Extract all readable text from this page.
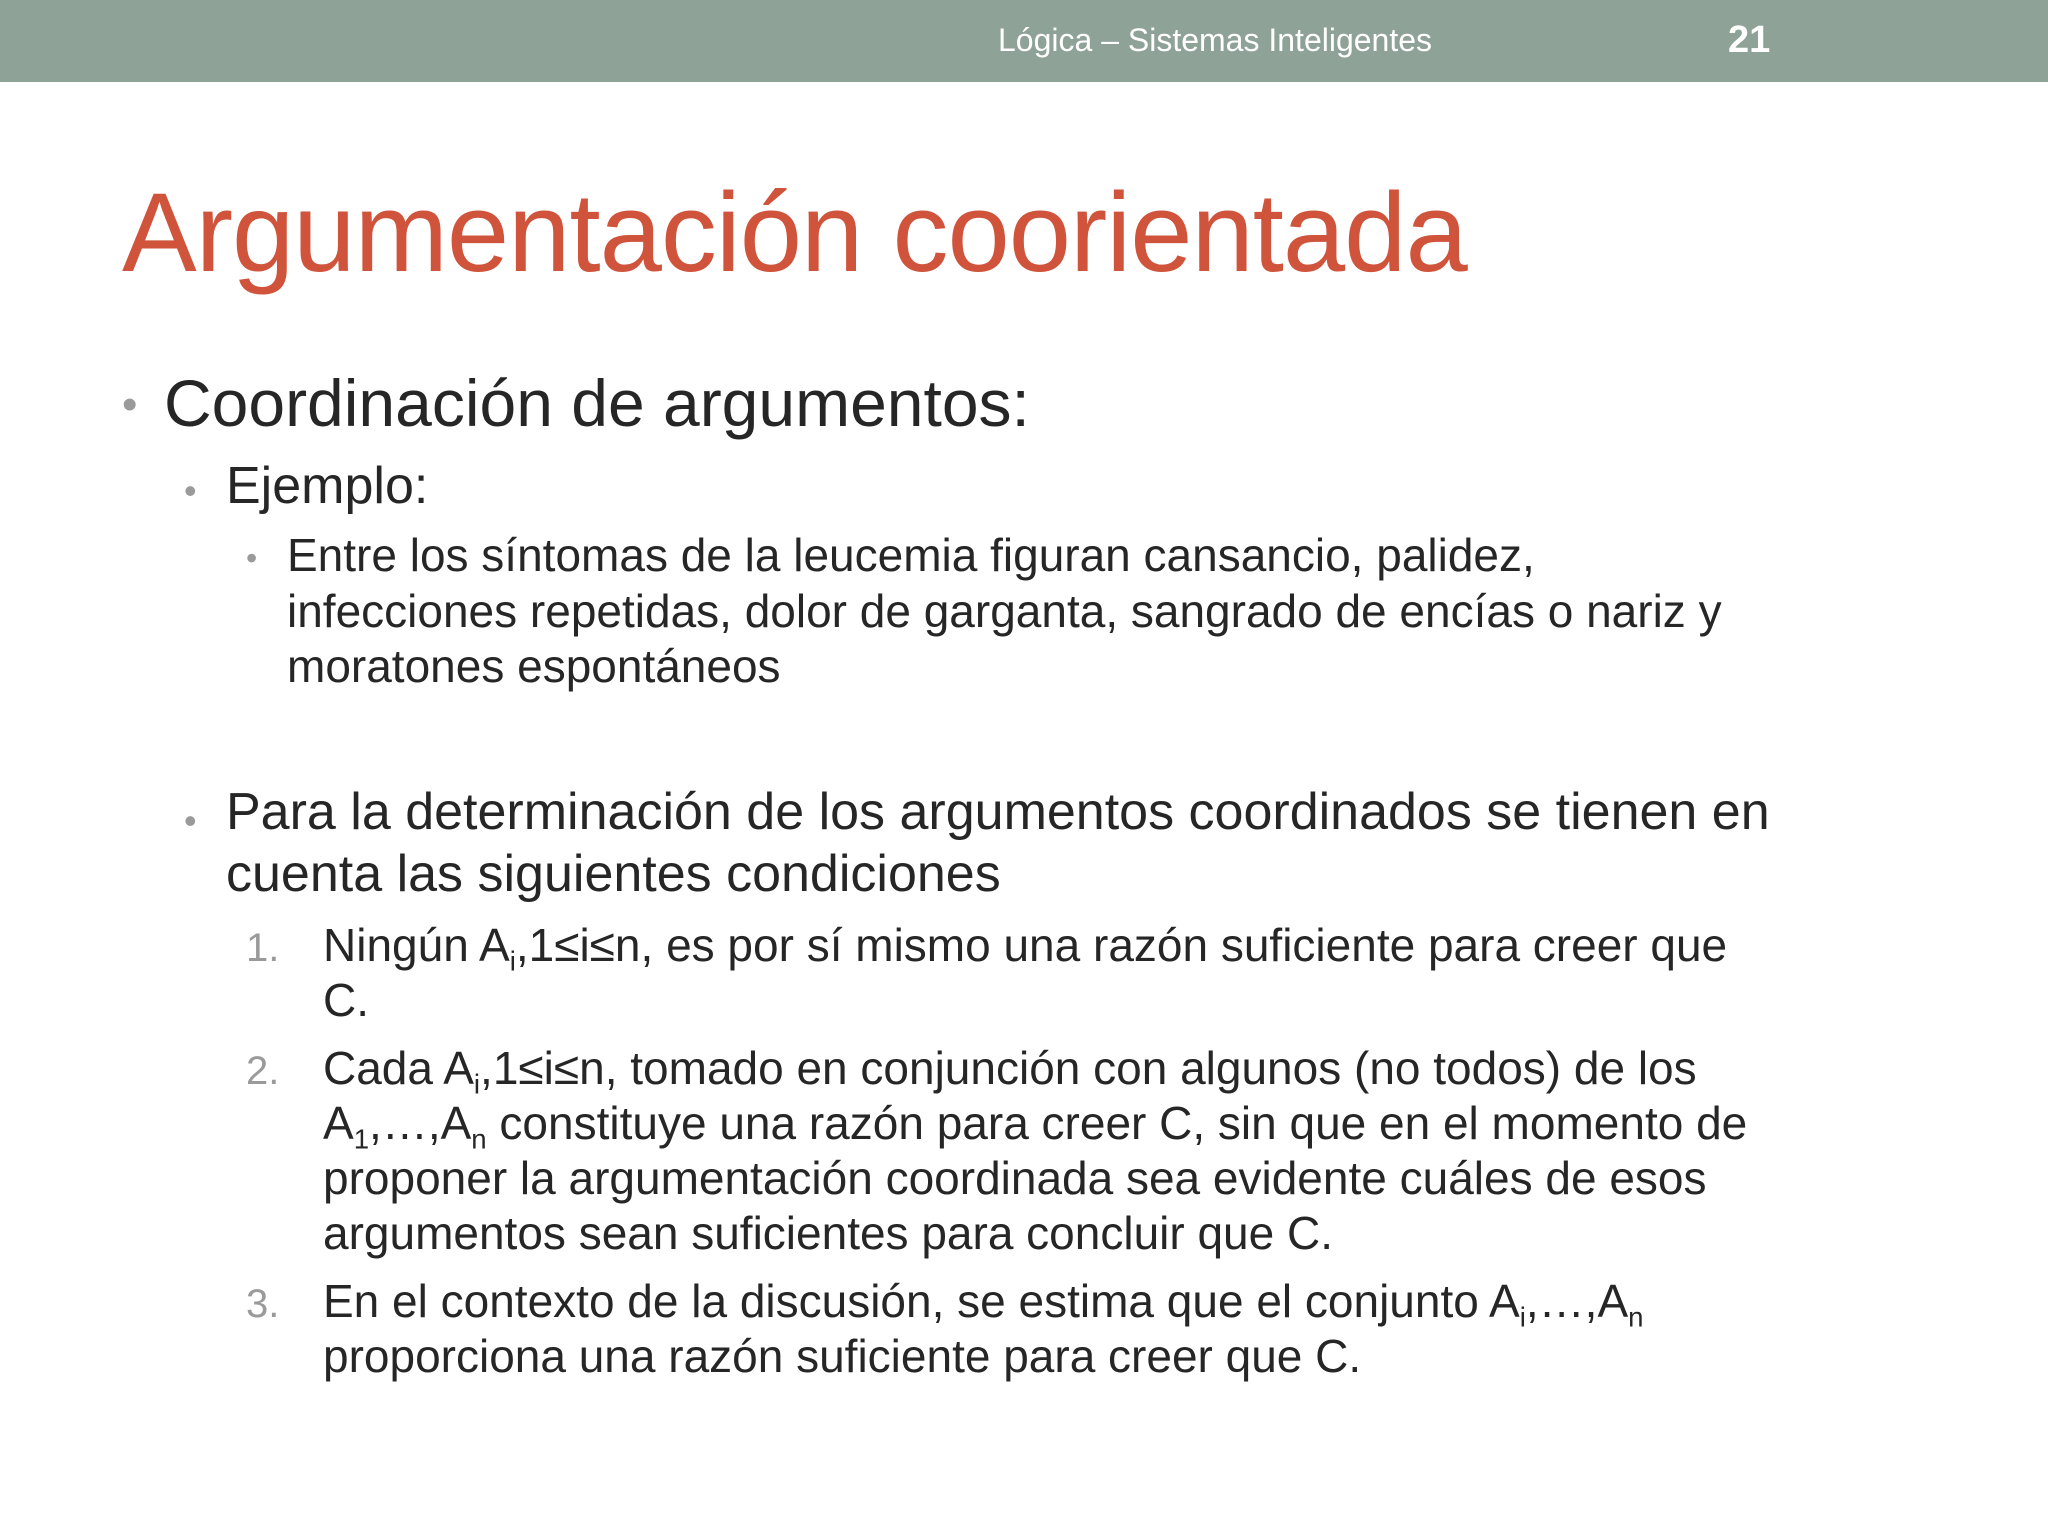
Lógica – Sistemas Inteligentes	21
Argumentación coorientada
• Coordinación de argumentos:
• Ejemplo:
• Entre los síntomas de la leucemia figuran cansancio, palidez,
infecciones repetidas, dolor de garganta, sangrado de encías o nariz y
moratones espontáneos
• Para la determinación de los argumentos coordinados se tienen en
cuenta las siguientes condiciones
1. Ningún $A_i,1\le i\le n$, es por sí mismo una razón suficiente para creer que
C.
2. Cada $A_i,1\le i\le n$, tomado en conjunción con algunos (no todos) de los
$A_1,\dots,A_n$ constituye una razón para creer C, sin que en el momento de
proponer la argumentación coordinada sea evidente cuáles de esos
argumentos sean suficientes para concluir que C.
3. En el contexto de la discusión, se estima que el conjunto $A_i,\dots,A_n$
proporciona una razón suficiente para creer que C.
